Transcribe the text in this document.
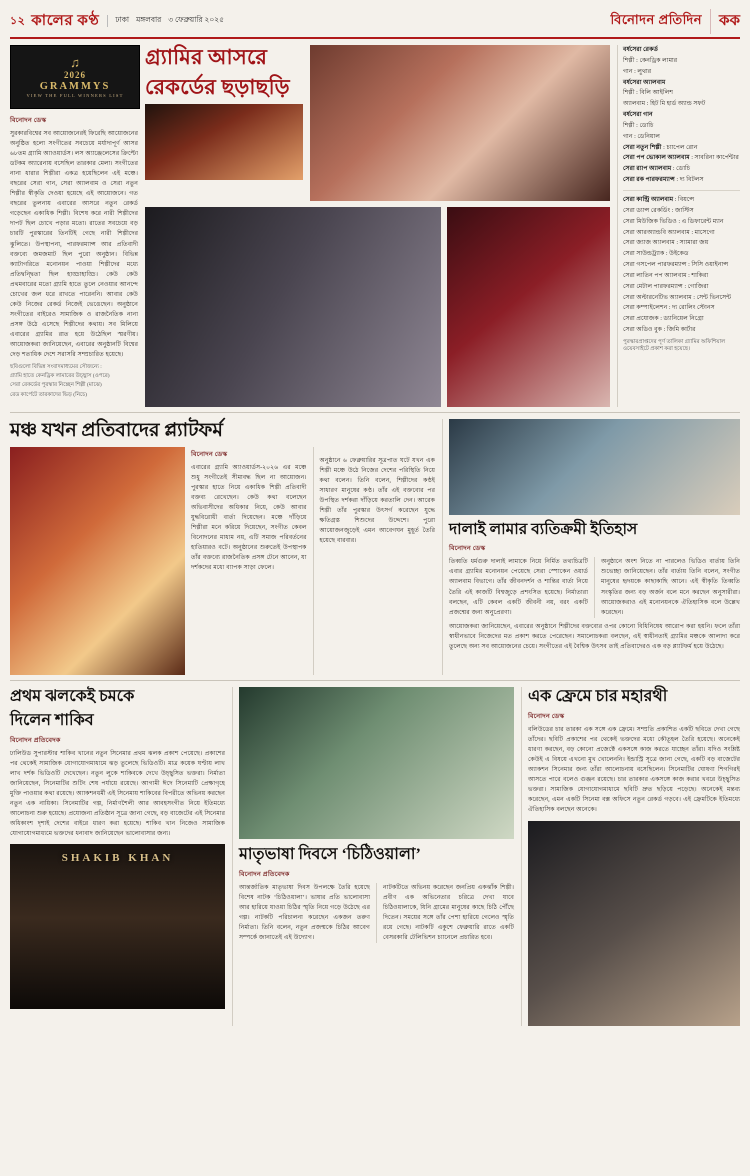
১২ কালের কণ্ঠ ঢাকা মঙ্গলবার ৩ ফেব্রুয়ারি ২০২৫	বিনোদন প্রতিদিন	কক
♫
2026
GRAMMYS
VIEW THE FULL WINNERS LIST
বিনোদন ডেস্ক

সুরকারবিশ্বের সব আয়োজনেরই ফিরেছি আয়োজনের অনুষ্ঠিত হলো সংগীতের সবচেয়ে মর্যাদাপূর্ণ আসর ৬৮তম গ্র্যামি অ্যাওয়ার্ডস। লস অ্যাঞ্জেলেসের ক্রিপ্টো ডটকম অ্যারেনায় বসেছিল তারকার মেলা। সংগীতের নানা ধারার শিল্পীরা একত্র হয়েছিলেন এই মঞ্চে। বছরের সেরা গান, সেরা অ্যালবাম ও সেরা নতুন শিল্পীর স্বীকৃতি দেওয়া হয়েছে এই আয়োজনে। গত বছরের তুলনায় এবারের আসরে নতুন রেকর্ড গড়েছেন একাধিক শিল্পী। বিশেষ করে নারী শিল্পীদের দাপট ছিল চোখে পড়ার মতো। রাতের সবচেয়ে বড় চারটি পুরস্কারের তিনটিই গেছে নারী শিল্পীদের ঝুলিতে। উপস্থাপনা, পারফরম্যান্স আর প্রতিবাদী বক্তব্যে জমজমাট ছিল পুরো অনুষ্ঠান। বিভিন্ন ক্যাটাগরিতে মনোনয়ন পাওয়া শিল্পীদের মধ্যে প্রতিদ্বন্দ্বিতা ছিল হাড্ডাহাড্ডি। কেউ কেউ প্রথমবারের মতো গ্র্যামি হাতে তুলে নেওয়ার আনন্দে চোখের জল ধরে রাখতে পারেননি। আবার কেউ কেউ নিজের রেকর্ড নিজেই ভেঙেছেন। অনুষ্ঠানে সংগীতের বাইরেও সামাজিক ও রাজনৈতিক নানা প্রসঙ্গ উঠে এসেছে শিল্পীদের কথায়। সব মিলিয়ে এবারের গ্র্যামির রাত হয়ে উঠেছিল স্মরণীয়। আয়োজকরা জানিয়েছেন, এবারের অনুষ্ঠানটি বিশ্বের দেড় শতাধিক দেশে সরাসরি সম্প্রচারিত হয়েছে।

ছবিগুলো বিভিন্ন সংবাদমাধ্যমের সৌজন্যে :
গ্র্যামি হাতে কেনড্রিক লামারের উচ্ছ্বাস (ওপরে)
সেরা রেকর্ডের পুরস্কার নিচ্ছেন শিল্পী (মাঝে)
রেড কার্পেটে তারকাদের ভিড় (নিচে)
গ্র্যামির আসরে
রেকর্ডের ছড়াছড়ি
বর্ষসেরা রেকর্ড
শিল্পী : কেনড্রিক লামার
গান : লুথার
বর্ষসেরা অ্যালবাম
শিল্পী : বিলি আইলিশ
অ্যালবাম : হিট মি হার্ড অ্যান্ড সফট
বর্ষসেরা গান
শিল্পী : ডোচি
গান : ডেনিয়াল
সেরা নতুন শিল্পী : চ্যাপেল রোন
সেরা পপ ভোকাল অ্যালবাম : সাবরিনা কার্পেন্টার
সেরা র‍্যাপ অ্যালবাম : ডোচি
সেরা রক পারফরম্যান্স : দ্য বিটলস
সেরা কান্ট্রি অ্যালবাম : বিয়ন্সে
সেরা ড্যান্স রেকর্ডিং : জাস্টিস
সেরা মিউজিক ভিডিও : এ ডিফারেন্ট ম্যান
সেরা আরঅ্যান্ডবি অ্যালবাম : মাসেগো
সেরা জ্যাজ অ্যালবাম : স্যামারা জয়
সেরা সাউন্ডট্র্যাক : উইকেড
সেরা গসপেল পারফরম্যান্স : সিসি ওয়াইনান্স
সেরা লাতিন পপ অ্যালবাম : শাকিরা
সেরা মেটাল পারফরম্যান্স : গোজিরা
সেরা অল্টারনেটিভ অ্যালবাম : সেন্ট ভিনসেন্ট
সেরা কম্পাইলেশন : দ্য রোলিং স্টোনস
সেরা প্রযোজক : ড্যানিয়েল নিগ্রো
সেরা অডিও বুক : জিমি কার্টার
পুরস্কারপ্রাপ্তদের পূর্ণ তালিকা গ্র্যামির অফিশিয়াল ওয়েবসাইটে প্রকাশ করা হয়েছে।
মঞ্চ যখন প্রতিবাদের প্ল্যাটফর্ম
বিনোদন ডেস্ক

এবারের গ্র্যামি অ্যাওয়ার্ডস-২০২৬ এর মঞ্চে শুধু সংগীতেই সীমাবদ্ধ ছিল না আয়োজন। পুরস্কার হাতে নিয়ে একাধিক শিল্পী প্রতিবাদী বক্তব্য রেখেছেন। কেউ কথা বলেছেন অভিবাসীদের অধিকার নিয়ে, কেউ আবার যুদ্ধবিরোধী বার্তা দিয়েছেন। মঞ্চে দাঁড়িয়ে শিল্পীরা মনে করিয়ে দিয়েছেন, সংগীত কেবল বিনোদনের মাধ্যম নয়, এটি সমাজ পরিবর্তনের হাতিয়ারও বটে। অনুষ্ঠানের শুরুতেই উপস্থাপক তাঁর বক্তব্যে রাজনৈতিক প্রসঙ্গ টেনে আনেন, যা দর্শকদের মধ্যে ব্যাপক সাড়া ফেলে।

অনুষ্ঠানে ৬ ফেব্রুয়ারির সূত্রপাত ঘটে যখন এক শিল্পী মঞ্চে উঠে নিজের দেশের পরিস্থিতি নিয়ে কথা বলেন। তিনি বলেন, শিল্পীদের কণ্ঠই সাধারণ মানুষের কণ্ঠ। তাঁর এই বক্তব্যের পর উপস্থিত দর্শকরা দাঁড়িয়ে করতালি দেন। আরেক শিল্পী তাঁর পুরস্কার উৎসর্গ করেছেন যুদ্ধে ক্ষতিগ্রস্ত শিশুদের উদ্দেশে। পুরো আয়োজনজুড়েই এমন আবেগঘন মুহূর্ত তৈরি হয়েছে বারবার।

দালাই লামার ব্যতিক্রমী ইতিহাস
বিনোদন ডেস্ক

তিব্বতি ধর্মগুরু দালাই লামাকে নিয়ে নির্মিত তথ্যচিত্রটি এবার গ্র্যামির মনোনয়ন পেয়েছে সেরা স্পোকেন ওয়ার্ড অ্যালবাম বিভাগে। তাঁর জীবনদর্শন ও শান্তির বার্তা নিয়ে তৈরি এই কাজটি বিশ্বজুড়ে প্রশংসিত হয়েছে। নির্মাতারা বলছেন, এটি কেবল একটি জীবনী নয়, বরং একটি প্রজন্মের জন্য অনুপ্রেরণা।

অনুষ্ঠানে অংশ নিতে না পারলেও ভিডিও বার্তায় তিনি শুভেচ্ছা জানিয়েছেন। তাঁর বার্তায় তিনি বলেন, সংগীত মানুষের হৃদয়কে কাছাকাছি আনে। এই স্বীকৃতি তিব্বতি সংস্কৃতির জন্য বড় অর্জন বলে মনে করছেন অনুসারীরা। আয়োজকরাও এই মনোনয়নকে ঐতিহাসিক বলে উল্লেখ করেছেন।

আয়োজকরা জানিয়েছেন, এবারের অনুষ্ঠানে শিল্পীদের বক্তব্যের ওপর কোনো বিধিনিষেধ আরোপ করা হয়নি। ফলে তাঁরা স্বাধীনভাবে নিজেদের মত প্রকাশ করতে পেরেছেন। সমালোচকরা বলছেন, এই স্বাধীনতাই গ্র্যামির মঞ্চকে আলাদা করে তুলেছে অন্য সব আয়োজনের চেয়ে। সংগীতের এই বৈশ্বিক উৎসব তাই প্রতিবাদেরও এক বড় প্ল্যাটফর্ম হয়ে উঠেছে।

প্রথম ঝলকেই চমকে
দিলেন শাকিব
বিনোদন প্রতিবেদক

ঢালিউড সুপারস্টার শাকিব খানের নতুন সিনেমার প্রথম ঝলক প্রকাশ পেয়েছে। প্রকাশের পর থেকেই সামাজিক যোগাযোগমাধ্যমে ঝড় তুলেছে ভিডিওটি। মাত্র কয়েক ঘণ্টায় লাখ লাখ দর্শক ভিডিওটি দেখেছেন। নতুন লুকে শাকিবকে দেখে উচ্ছ্বসিত ভক্তরা। নির্মাতা জানিয়েছেন, সিনেমাটির শুটিং শেষ পর্যায়ে রয়েছে। আগামী ঈদে সিনেমাটি প্রেক্ষাগৃহে মুক্তি পাওয়ার কথা রয়েছে। অ্যাকশনধর্মী এই সিনেমায় শাকিবের বিপরীতে অভিনয় করছেন নতুন এক নায়িকা। সিনেমাটির গল্প, নির্মাণশৈলী আর আবহসংগীত নিয়ে ইতিমধ্যে আলোচনা শুরু হয়েছে। প্রযোজনা প্রতিষ্ঠান সূত্রে জানা গেছে, বড় বাজেটের এই সিনেমার অধিকাংশ দৃশ্যই দেশের বাইরে ধারণ করা হয়েছে। শাকিব খান নিজেও সামাজিক যোগাযোগমাধ্যমে ভক্তদের ধন্যবাদ জানিয়েছেন ভালোবাসার জন্য।

SHAKIB KHAN	মাতৃভাষা দিবসে ‘চিঠিওয়ালা’
বিনোদন প্রতিবেদক

আন্তর্জাতিক মাতৃভাষা দিবস উপলক্ষে তৈরি হয়েছে বিশেষ নাটক ‘চিঠিওয়ালা’। ভাষার প্রতি ভালোবাসা আর হারিয়ে যাওয়া চিঠির স্মৃতি নিয়ে গড়ে উঠেছে এর গল্প। নাটকটি পরিচালনা করেছেন একজন তরুণ নির্মাতা। তিনি বলেন, নতুন প্রজন্মকে চিঠির আবেগ সম্পর্কে জানাতেই এই উদ্যোগ।

নাটকটিতে অভিনয় করেছেন জনপ্রিয় একঝাঁক শিল্পী। প্রবীণ এক অভিনেতার চরিত্রে দেখা যাবে চিঠিওয়ালাকে, যিনি গ্রামের মানুষের কাছে চিঠি পৌঁছে দিতেন। সময়ের সঙ্গে তাঁর পেশা হারিয়ে গেলেও স্মৃতি রয়ে গেছে। নাটকটি একুশে ফেব্রুয়ারি রাতে একটি বেসরকারি টেলিভিশন চ্যানেলে প্রচারিত হবে।

এক ফ্রেমে চার মহারথী
বিনোদন ডেস্ক

বলিউডের চার তারকা এক সঙ্গে এক ফ্রেমে। সম্প্রতি প্রকাশিত একটি ছবিতে দেখা গেছে তাঁদের। ছবিটি প্রকাশের পর থেকেই ভক্তদের মধ্যে কৌতূহল তৈরি হয়েছে। অনেকেই ধারণা করছেন, বড় কোনো প্রজেক্টে একসঙ্গে কাজ করতে যাচ্ছেন তাঁরা। যদিও সংশ্লিষ্ট কেউই এ বিষয়ে এখনো মুখ খোলেননি। ইন্ডাস্ট্রি সূত্রে জানা গেছে, একটি বড় বাজেটের অ্যাকশন সিনেমার জন্য তাঁরা আলোচনায় বসেছিলেন। সিনেমাটির ঘোষণা শিগগিরই আসতে পারে বলেও গুঞ্জন রয়েছে। চার তারকার একসঙ্গে কাজ করার খবরে উচ্ছ্বসিত ভক্তরা। সামাজিক যোগাযোগমাধ্যমে ছবিটি দ্রুত ছড়িয়ে পড়েছে। অনেকেই মন্তব্য করেছেন, এমন একটি সিনেমা বক্স অফিসে নতুন রেকর্ড গড়বে। এই ফ্রেমটিকে ইতিমধ্যে ঐতিহাসিক বলছেন অনেকে।
